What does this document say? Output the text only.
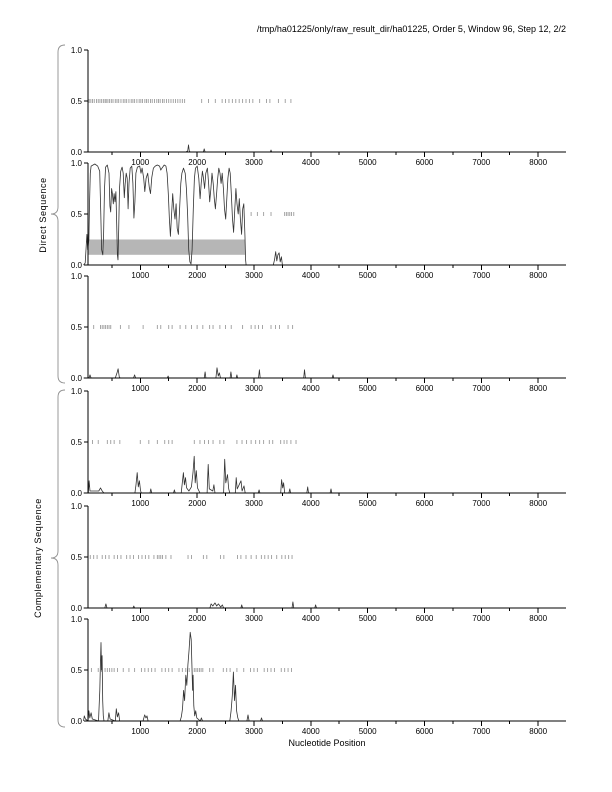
/tmp/ha01225/only/raw_result_dir/ha01225, Order 5, Window 96, Step 12, 2/2
Direct Sequence
Complementary Sequence
0.0
0.5
1.0
1000	2000	3000	4000	5000	6000	7000	8000
0.0
0.5
1.0
1000	2000	3000	4000	5000	6000	7000	8000
0.0
0.5
1.0
1000	2000	3000	4000	5000	6000	7000	8000
0.0
0.5
1.0
1000	2000	3000	4000	5000	6000	7000	8000
0.0
0.5
1.0
1000	2000	3000	4000	5000	6000	7000	8000
0.0
0.5
1.0
1000	2000	3000	4000	5000	6000	7000	8000
Nucleotide Position
